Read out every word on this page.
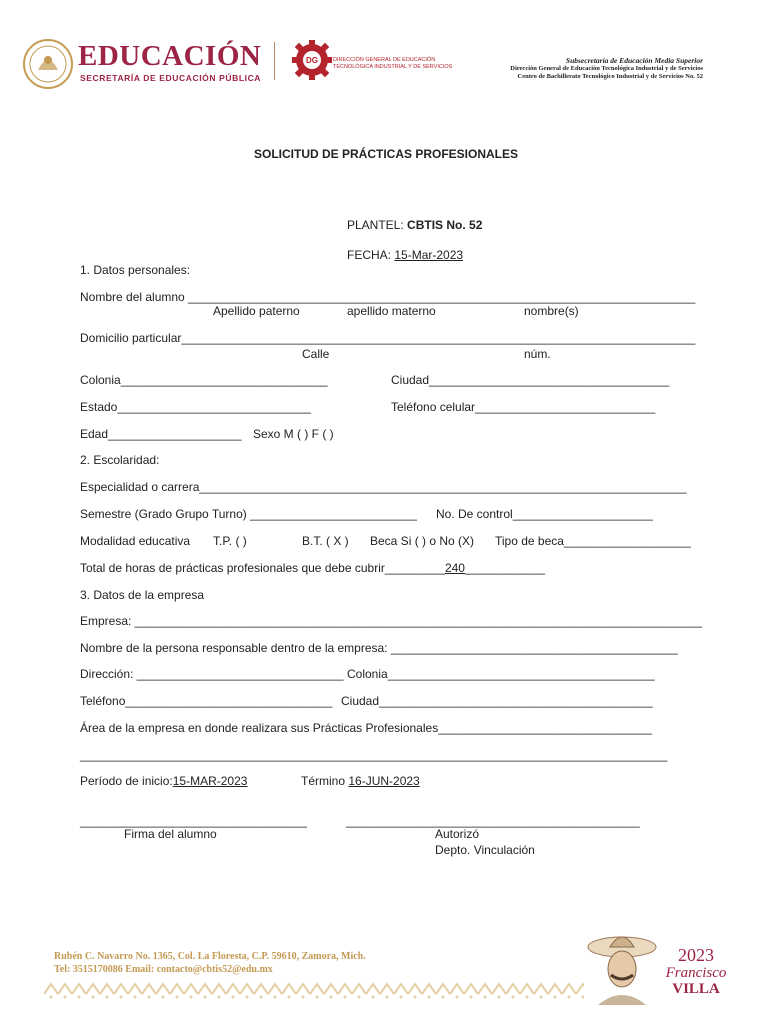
EDUCACIÓN
SECRETARÍA DE EDUCACIÓN PÚBLICA
DG	DIRECCIÓN GENERAL DE EDUCACIÓN
TECNOLÓGICA INDUSTRIAL Y DE SERVICIOS
Subsecretaría de Educación Media Superior
Dirección General de Educación Tecnológica Industrial y de Servicios
Centro de Bachillerato Tecnológico Industrial y de Servicios No. 52
SOLICITUD DE PRÁCTICAS PROFESIONALES
PLANTEL: CBTIS No. 52
FECHA: 15-Mar-2023
1. Datos personales:
Nombre del alumno ____________________________________________________________________________
Apellido paterno	apellido materno	nombre(s)
Domicilio particular_____________________________________________________________________________
Calle	núm.
Colonia_______________________________	Ciudad____________________________________
Estado_____________________________	Teléfono celular___________________________
Edad____________________ Sexo M ( ) F ( )
2. Escolaridad:
Especialidad o carrera_________________________________________________________________________
Semestre (Grado Grupo Turno) _________________________ No. De control_____________________
Modalidad educativa T.P. ( )	B.T. ( X ) Beca Si ( ) o No (X) Tipo de beca___________________
Total de horas de prácticas profesionales que debe cubrir_________240____________
3. Datos de la empresa
Empresa: _____________________________________________________________________________________
Nombre de la persona responsable dentro de la empresa: ___________________________________________
Dirección: _______________________________ Colonia________________________________________
Teléfono_______________________________ Ciudad_________________________________________
Área de la empresa en donde realizara sus Prácticas Profesionales________________________________
________________________________________________________________________________________
Período de inicio:15-MAR-2023	Término 16-JUN-2023
__________________________________	____________________________________________
Firma del alumno	Autorizó
Depto. Vinculación
Rubén C. Navarro No. 1365, Col. La Floresta, C.P. 59610, Zamora, Mich.
Tel: 3515170086 Email: contacto@cbtis52@edu.mx
2023
Francisco
VILLA
